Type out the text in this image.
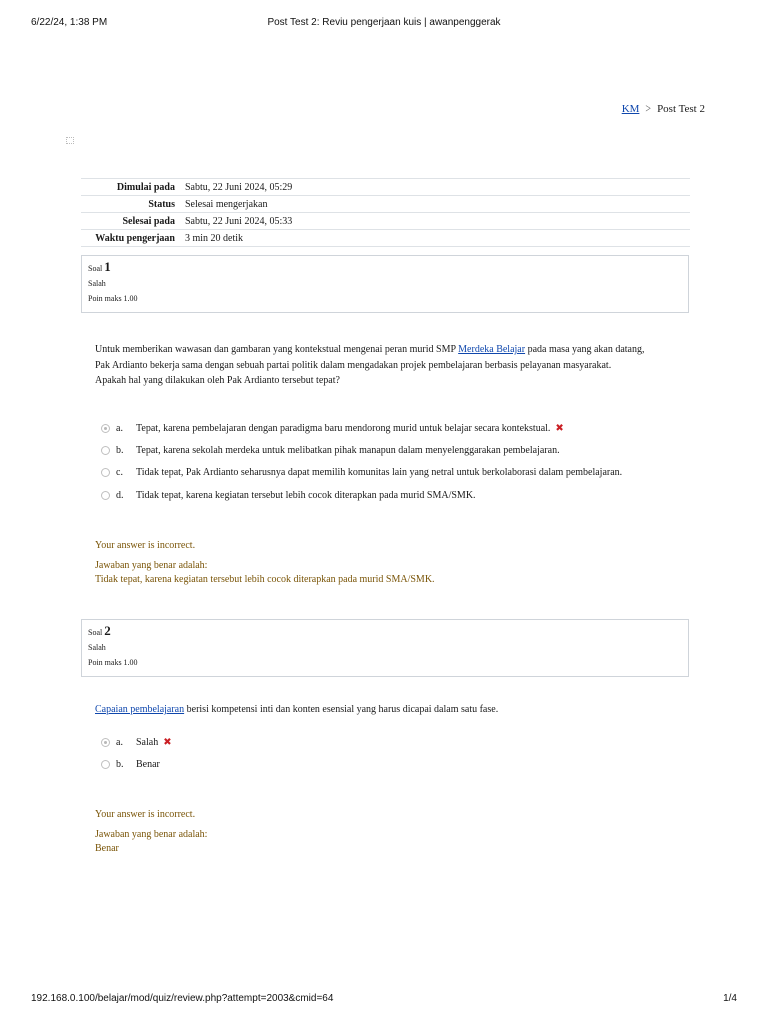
6/22/24, 1:38 PM	Post Test 2: Reviu pengerjaan kuis | awanpenggerak
KM > Post Test 2
Dimulai pada	Sabtu, 22 Juni 2024, 05:29
Status	Selesai mengerjakan
Selesai pada	Sabtu, 22 Juni 2024, 05:33
Waktu pengerjaan	3 min 20 detik
Soal 1
Salah
Poin maks 1.00
Untuk memberikan wawasan dan gambaran yang kontekstual mengenai peran murid SMP Merdeka Belajar pada masa yang akan datang,
Pak Ardianto bekerja sama dengan sebuah partai politik dalam mengadakan projek pembelajaran berbasis pelayanan masyarakat.
Apakah hal yang dilakukan oleh Pak Ardianto tersebut tepat?
a.	Tepat, karena pembelajaran dengan paradigma baru mendorong murid untuk belajar secara kontekstual. ✖
b.	Tepat, karena sekolah merdeka untuk melibatkan pihak manapun dalam menyelenggarakan pembelajaran.
c.	Tidak tepat, Pak Ardianto seharusnya dapat memilih komunitas lain yang netral untuk berkolaborasi dalam pembelajaran.
d.	Tidak tepat, karena kegiatan tersebut lebih cocok diterapkan pada murid SMA/SMK.
Your answer is incorrect.
Jawaban yang benar adalah:
Tidak tepat, karena kegiatan tersebut lebih cocok diterapkan pada murid SMA/SMK.
Soal 2
Salah
Poin maks 1.00
Capaian pembelajaran berisi kompetensi inti dan konten esensial yang harus dicapai dalam satu fase.
a.	Salah ✖
b.	Benar
Your answer is incorrect.
Jawaban yang benar adalah:
Benar
192.168.0.100/belajar/mod/quiz/review.php?attempt=2003&cmid=64	1/4
